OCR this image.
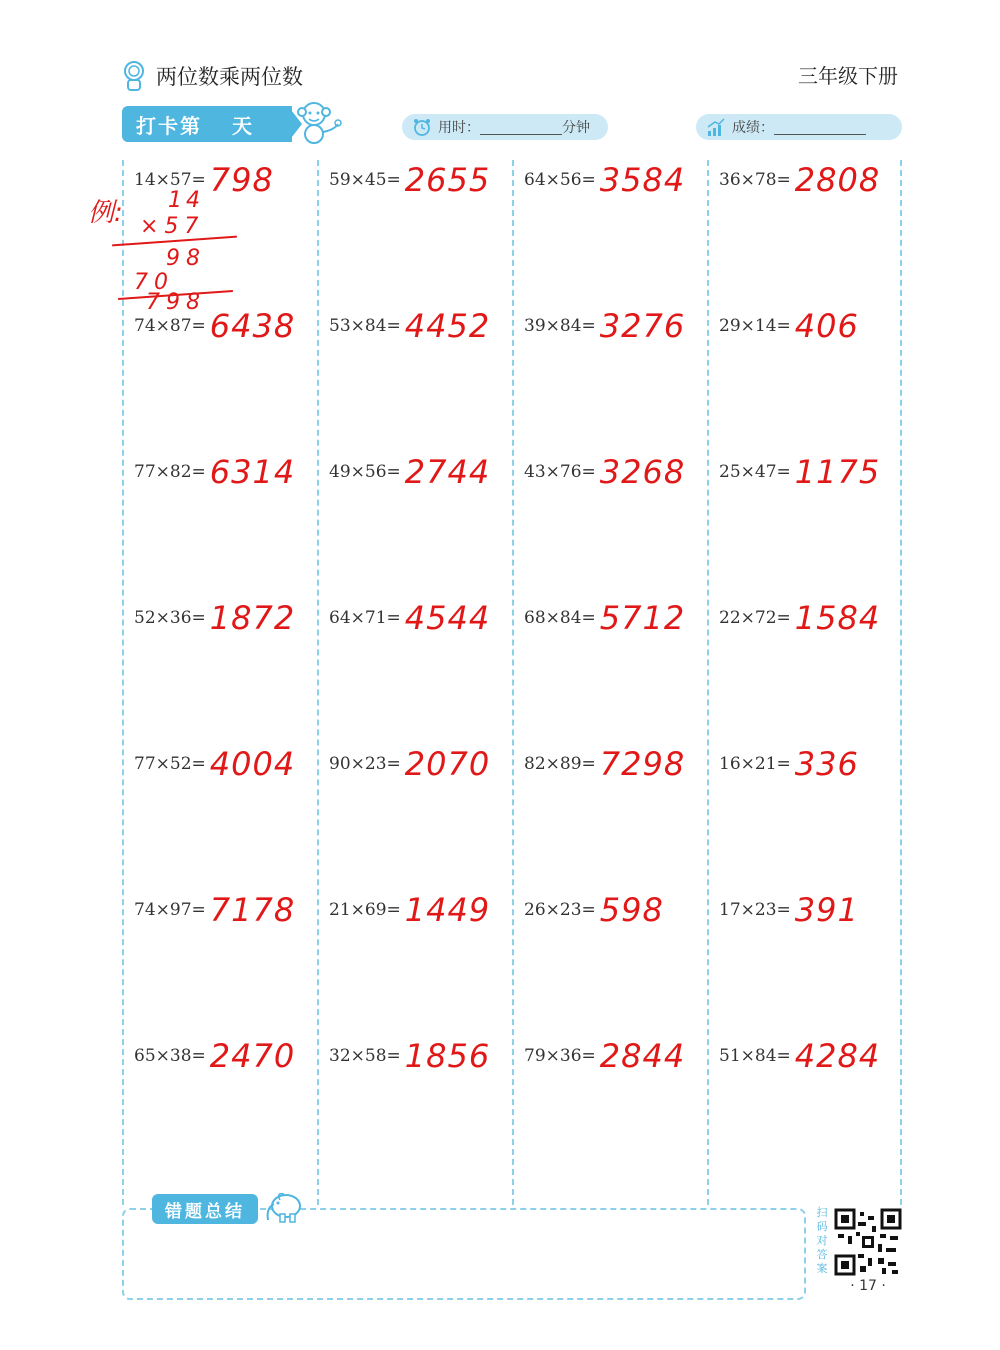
两位数乘两位数	三年级下册
打卡第 天	用时：	分钟	成绩：
14×57= 798
74×87= 6438
77×82= 6314
52×36= 1872
77×52= 4004
74×97= 7178
65×38= 2470
59×45= 2655
53×84= 4452
49×56= 2744
64×71= 4544
90×23= 2070
21×69= 1449
32×58= 1856
64×56= 3584
39×84= 3276
43×76= 3268
68×84= 5712
82×89= 7298
26×23= 598
79×36= 2844
36×78= 2808
29×14= 406
25×47= 1175
22×72= 1584
16×21= 336
17×23= 391
51×84= 4284
例: 14
×57
98
70
798
错题总结	扫码对答案
· 17 ·
